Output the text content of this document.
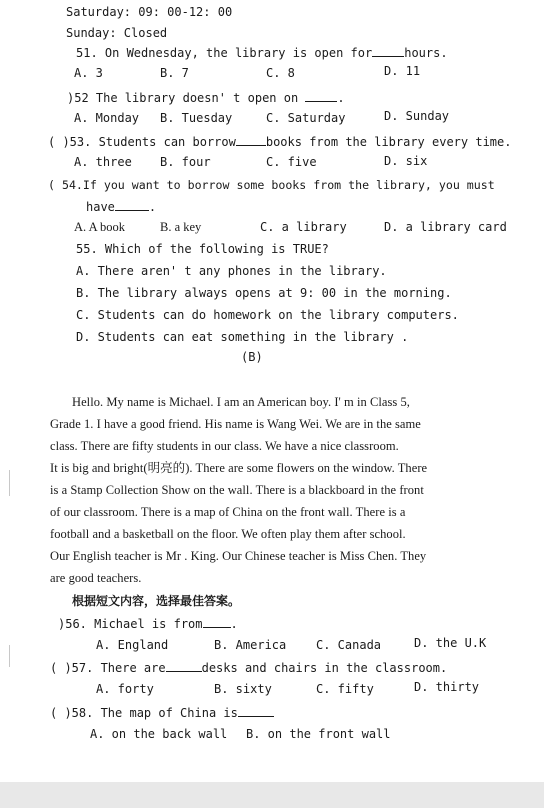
Saturday: 09: 00-12: 00
Sunday: Closed
51. On Wednesday, the library is open for	hours.
A. 3	B. 7	C. 8	D. 11
)52 The library doesn' t open on	.
A. Monday B. Tuesday	C. Saturday	D. Sunday
( )53. Students can borrow	books from the library every time.
A. three B. four	C. five	D. six
( 54.If you want to borrow some books from the library, you must
have	.
A. A book	B. a key	C. a library	D. a library card
55. Which of the following is TRUE?
A. There aren' t any phones in the library.
B. The library always opens at 9: 00 in the morning.
C. Students can do homework on the library computers.
D. Students can eat something in the library .
(B)
Hello. My name is Michael. I am an American boy. I' m in Class 5,
Grade 1. I have a good friend. His name is Wang Wei. We are in the same
class. There are fifty students in our class. We have a nice classroom.
It is big and bright(明亮的). There are some flowers on the window. There
is a Stamp Collection Show on the wall. There is a blackboard in the front
of our classroom. There is a map of China on the front wall. There is a
football and a basketball on the floor. We often play them after school.
Our English teacher is Mr . King. Our Chinese teacher is Miss Chen. They
are good teachers.
根据短文内容，选择最佳答案。
)56. Michael is from .
A. England	B. America C. Canada	D. the U.K
( )57. There are	desks and chairs in the classroom.
A. forty	B. sixty	C. fifty	D. thirty
( )58. The map of China is
A. on the back wall B. on the front wall
